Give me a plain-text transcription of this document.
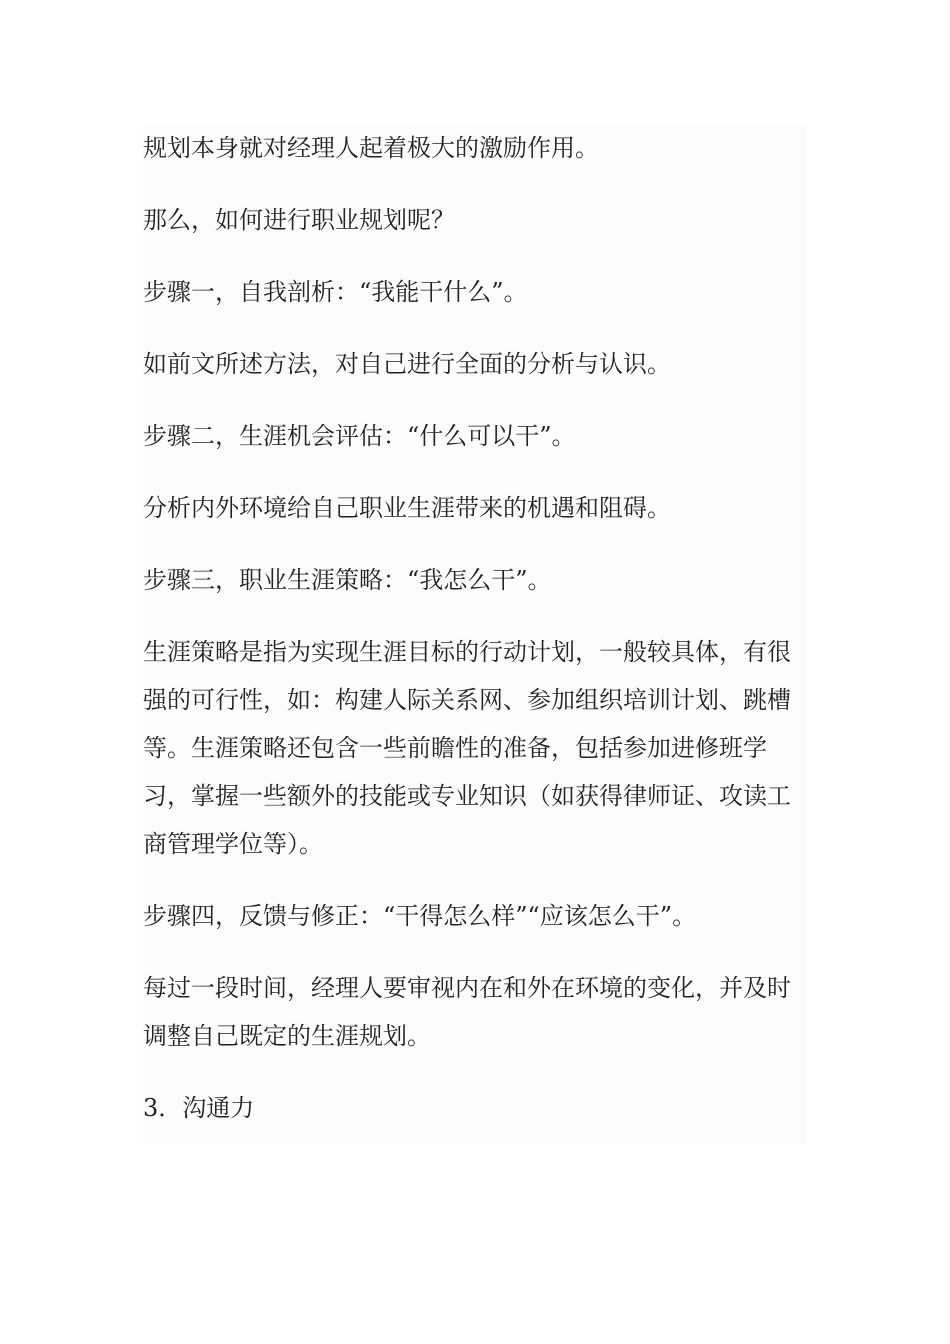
规划本身就对经理人起着极大的激励作用。

那么，如何进行职业规划呢？

步骤一，自我剖析：“我能干什么”。

如前文所述方法，对自己进行全面的分析与认识。

步骤二，生涯机会评估：“什么可以干”。

分析内外环境给自己职业生涯带来的机遇和阻碍。

步骤三，职业生涯策略：“我怎么干”。

生涯策略是指为实现生涯目标的行动计划，一般较具体，有很强的可行性，如：构建人际关系网、参加组织培训计划、跳槽等。生涯策略还包含一些前瞻性的准备，包括参加进修班学习，掌握一些额外的技能或专业知识（如获得律师证、攻读工商管理学位等）。

步骤四，反馈与修正：“干得怎么样”“应该怎么干”。

每过一段时间，经理人要审视内在和外在环境的变化，并及时调整自己既定的生涯规划。

3．沟通力
